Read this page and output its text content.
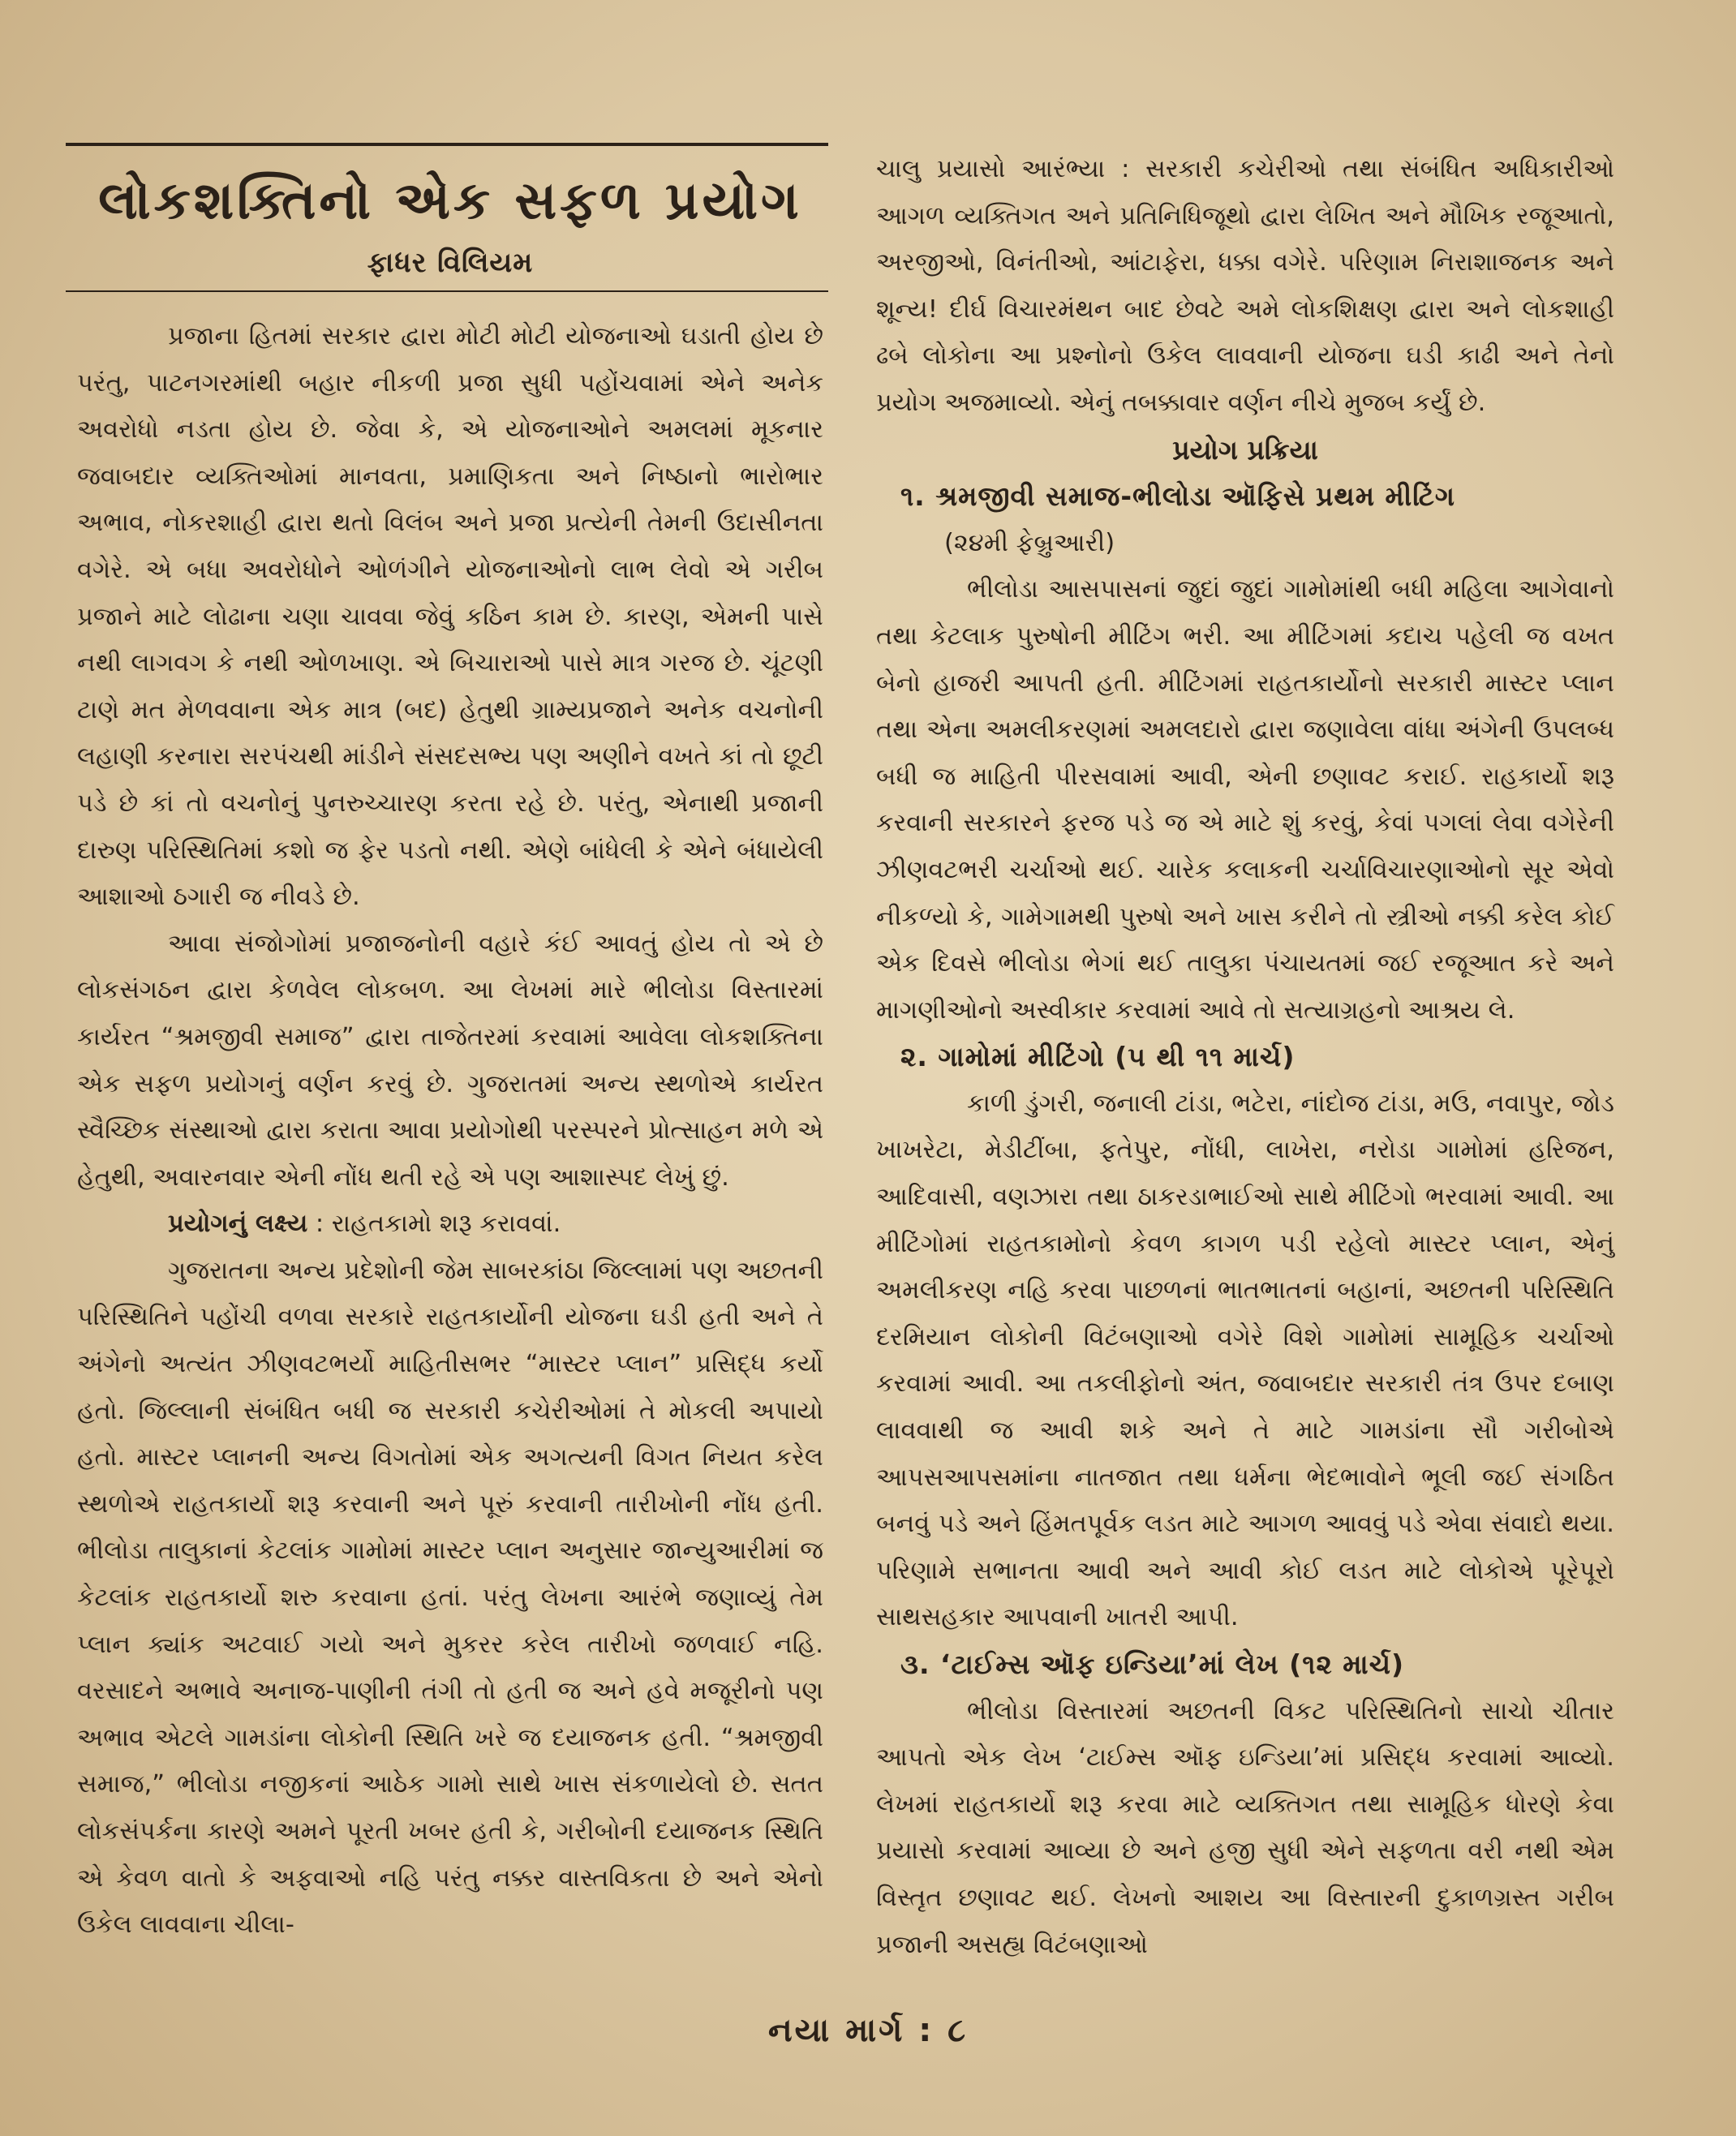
લોકશક્તિનો એક સફળ પ્રયોગ
ફાધર વિલિયમ

પ્રજાના હિતમાં સરકાર દ્વારા મોટી મોટી યોજનાઓ ઘડાતી હોય છે પરંતુ, પાટનગરમાંથી બહાર નીકળી પ્રજા સુધી પહોંચવામાં એને અનેક અવરોધો નડતા હોય છે. જેવા કે, એ યોજનાઓને અમલમાં મૂકનાર જવાબદાર વ્યક્તિઓમાં માનવતા, પ્રમાણિકતા અને નિષ્ઠાનો ભારોભાર અભાવ, નોકરશાહી દ્વારા થતો વિલંબ અને પ્રજા પ્રત્યેની તેમની ઉદાસીનતા વગેરે. એ બધા અવરોધોને ઓળંગીને યોજનાઓનો લાભ લેવો એ ગરીબ પ્રજાને માટે લોઢાના ચણા ચાવવા જેવું કઠિન કામ છે. કારણ, એમની પાસે નથી લાગવગ કે નથી ઓળખાણ. એ બિચારાઓ પાસે માત્ર ગરજ છે. ચૂંટણી ટાણે મત મેળવવાના એક માત્ર (બદ) હેતુથી ગ્રામ્યપ્રજાને અનેક વચનોની લહાણી કરનારા સરપંચથી માંડીને સંસદસભ્ય પણ અણીને વખતે કાં તો છૂટી પડે છે કાં તો વચનોનું પુનરુચ્ચારણ કરતા રહે છે. પરંતુ, એનાથી પ્રજાની દારુણ પરિસ્થિતિમાં કશો જ ફેર પડતો નથી. એણે બાંધેલી કે એને બંધાયેલી આશાઓ ઠગારી જ નીવડે છે.

આવા સંજોગોમાં પ્રજાજનોની વહારે કંઈ આવતું હોય તો એ છે લોકસંગઠન દ્વારા કેળવેલ લોકબળ. આ લેખમાં મારે ભીલોડા વિસ્તારમાં કાર્યરત “શ્રમજીવી સમાજ” દ્વારા તાજેતરમાં કરવામાં આવેલા લોકશક્તિના એક સફળ પ્રયોગનું વર્ણન કરવું છે. ગુજરાતમાં અન્ય સ્થળોએ કાર્યરત સ્વૈચ્છિક સંસ્થાઓ દ્વારા કરાતા આવા પ્રયોગોથી પરસ્પરને પ્રોત્સાહન મળે એ હેતુથી, અવારનવાર એની નોંધ થતી રહે એ પણ આશાસ્પદ લેખું છું.

પ્રયોગનું લક્ષ્ય : રાહતકામો શરૂ કરાવવાં.

ગુજરાતના અન્ય પ્રદેશોની જેમ સાબરકાંઠા જિલ્લામાં પણ અછતની પરિસ્થિતિને પહોંચી વળવા સરકારે રાહતકાર્યોની યોજના ઘડી હતી અને તે અંગેનો અત્યંત ઝીણવટભર્યો માહિતીસભર “માસ્ટર પ્લાન” પ્રસિદ્ધ કર્યો હતો. જિલ્લાની સંબંધિત બધી જ સરકારી કચેરીઓમાં તે મોકલી અપાયો હતો. માસ્ટર પ્લાનની અન્ય વિગતોમાં એક અગત્યની વિગત નિયત કરેલ સ્થળોએ રાહતકાર્યો શરૂ કરવાની અને પૂરું કરવાની તારીખોની નોંધ હતી. ભીલોડા તાલુકાનાં કેટલાંક ગામોમાં માસ્ટર પ્લાન અનુસાર જાન્યુઆરીમાં જ કેટલાંક રાહતકાર્યો શરુ કરવાના હતાં. પરંતુ લેખના આરંભે જણાવ્યું તેમ પ્લાન ક્યાંક અટવાઈ ગયો અને મુકરર કરેલ તારીખો જળવાઈ નહિ. વરસાદને અભાવે અનાજ-પાણીની તંગી તો હતી જ અને હવે મજૂરીનો પણ અભાવ એટલે ગામડાંના લોકોની સ્થિતિ ખરે જ દયાજનક હતી. “શ્રમજીવી સમાજ,” ભીલોડા નજીકનાં આઠેક ગામો સાથે ખાસ સંકળાયેલો છે. સતત લોકસંપર્કના કારણે અમને પૂરતી ખબર હતી કે, ગરીબોની દયાજનક સ્થિતિ એ કેવળ વાતો કે અફવાઓ નહિ પરંતુ નક્કર વાસ્તવિકતા છે અને એનો ઉકેલ લાવવાના ચીલા-

ચાલુ પ્રયાસો આરંભ્યા : સરકારી કચેરીઓ તથા સંબંધિત અધિકારીઓ આગળ વ્યક્તિગત અને પ્રતિનિધિજૂથો દ્વારા લેખિત અને મૌખિક રજૂઆતો, અરજીઓ, વિનંતીઓ, આંટાફેરા, ધક્કા વગેરે. પરિણામ નિરાશાજનક અને શૂન્ય! દીર્ઘ વિચારમંથન બાદ છેવટે અમે લોકશિક્ષણ દ્વારા અને લોકશાહી ઢબે લોકોના આ પ્રશ્નોનો ઉકેલ લાવવાની યોજના ઘડી કાઢી અને તેનો પ્રયોગ અજમાવ્યો. એનું તબક્કાવાર વર્ણન નીચે મુજબ કર્યું છે.

પ્રયોગ પ્રક્રિયા
૧. શ્રમજીવી સમાજ-ભીલોડા ઑફિસે પ્રથમ મીટિંગ
(૨૪મી ફેબ્રુઆરી)

ભીલોડા આસપાસનાં જુદાં જુદાં ગામોમાંથી બધી મહિલા આગેવાનો તથા કેટલાક પુરુષોની મીટિંગ ભરી. આ મીટિંગમાં કદાચ પહેલી જ વખત બેનો હાજરી આપતી હતી. મીટિંગમાં રાહતકાર્યોનો સરકારી માસ્ટર પ્લાન તથા એના અમલીકરણમાં અમલદારો દ્વારા જણાવેલા વાંધા અંગેની ઉપલબ્ધ બધી જ માહિતી પીરસવામાં આવી, એની છણાવટ કરાઈ. રાહકાર્યો શરૂ કરવાની સરકારને ફરજ પડે જ એ માટે શું કરવું, કેવાં પગલાં લેવા વગેરેની ઝીણવટભરી ચર્ચાઓ થઈ. ચારેક કલાકની ચર્ચાવિચારણાઓનો સૂર એવો નીકળ્યો કે, ગામેગામથી પુરુષો અને ખાસ કરીને તો સ્ત્રીઓ નક્કી કરેલ કોઈ એક દિવસે ભીલોડા ભેગાં થઈ તાલુકા પંચાયતમાં જઈ રજૂઆત કરે અને માગણીઓનો અસ્વીકાર કરવામાં આવે તો સત્યાગ્રહનો આશ્રય લે.

૨. ગામોમાં મીટિંગો (૫ થી ૧૧ માર્ચ)

કાળી ડુંગરી, જનાલી ટાંડા, ભટેરા, નાંદોજ ટાંડા, મઉ, નવાપુર, જોડ ખાખરેટા, મેડીટીંબા, ફતેપુર, નોંધી, લાખેરા, નરોડા ગામોમાં હરિજન, આદિવાસી, વણઝારા તથા ઠાકરડાભાઈઓ સાથે મીટિંગો ભરવામાં આવી. આ મીટિંગોમાં રાહતકામોનો કેવળ કાગળ પડી રહેલો માસ્ટર પ્લાન, એનું અમલીકરણ નહિ કરવા પાછળનાં ભાતભાતનાં બહાનાં, અછતની પરિસ્થિતિ દરમિયાન લોકોની વિટંબણાઓ વગેરે વિશે ગામોમાં સામૂહિક ચર્ચાઓ કરવામાં આવી. આ તકલીફોનો અંત, જવાબદાર સરકારી તંત્ર ઉપર દબાણ લાવવાથી જ આવી શકે અને તે માટે ગામડાંના સૌ ગરીબોએ આપસઆપસમાંના નાતજાત તથા ધર્મના ભેદભાવોને ભૂલી જઈ સંગઠિત બનવું પડે અને હિંમતપૂર્વક લડત માટે આગળ આવવું પડે એવા સંવાદો થયા. પરિણામે સભાનતા આવી અને આવી કોઈ લડત માટે લોકોએ પૂરેપૂરો સાથસહકાર આપવાની ખાતરી આપી.

૩. ‘ટાઈમ્સ ઑફ ઇન્ડિયા’માં લેખ (૧૨ માર્ચ)

ભીલોડા વિસ્તારમાં અછતની વિકટ પરિસ્થિતિનો સાચો ચીતાર આપતો એક લેખ ‘ટાઈમ્સ ઑફ ઇન્ડિયા’માં પ્રસિદ્ધ કરવામાં આવ્યો. લેખમાં રાહતકાર્યો શરૂ કરવા માટે વ્યક્તિગત તથા સામૂહિક ધોરણે કેવા પ્રયાસો કરવામાં આવ્યા છે અને હજી સુધી એને સફળતા વરી નથી એમ વિસ્તૃત છણાવટ થઈ. લેખનો આશય આ વિસ્તારની દુકાળગ્રસ્ત ગરીબ પ્રજાની અસહ્ય વિટંબણાઓ

નયા માર્ગ : ૮
